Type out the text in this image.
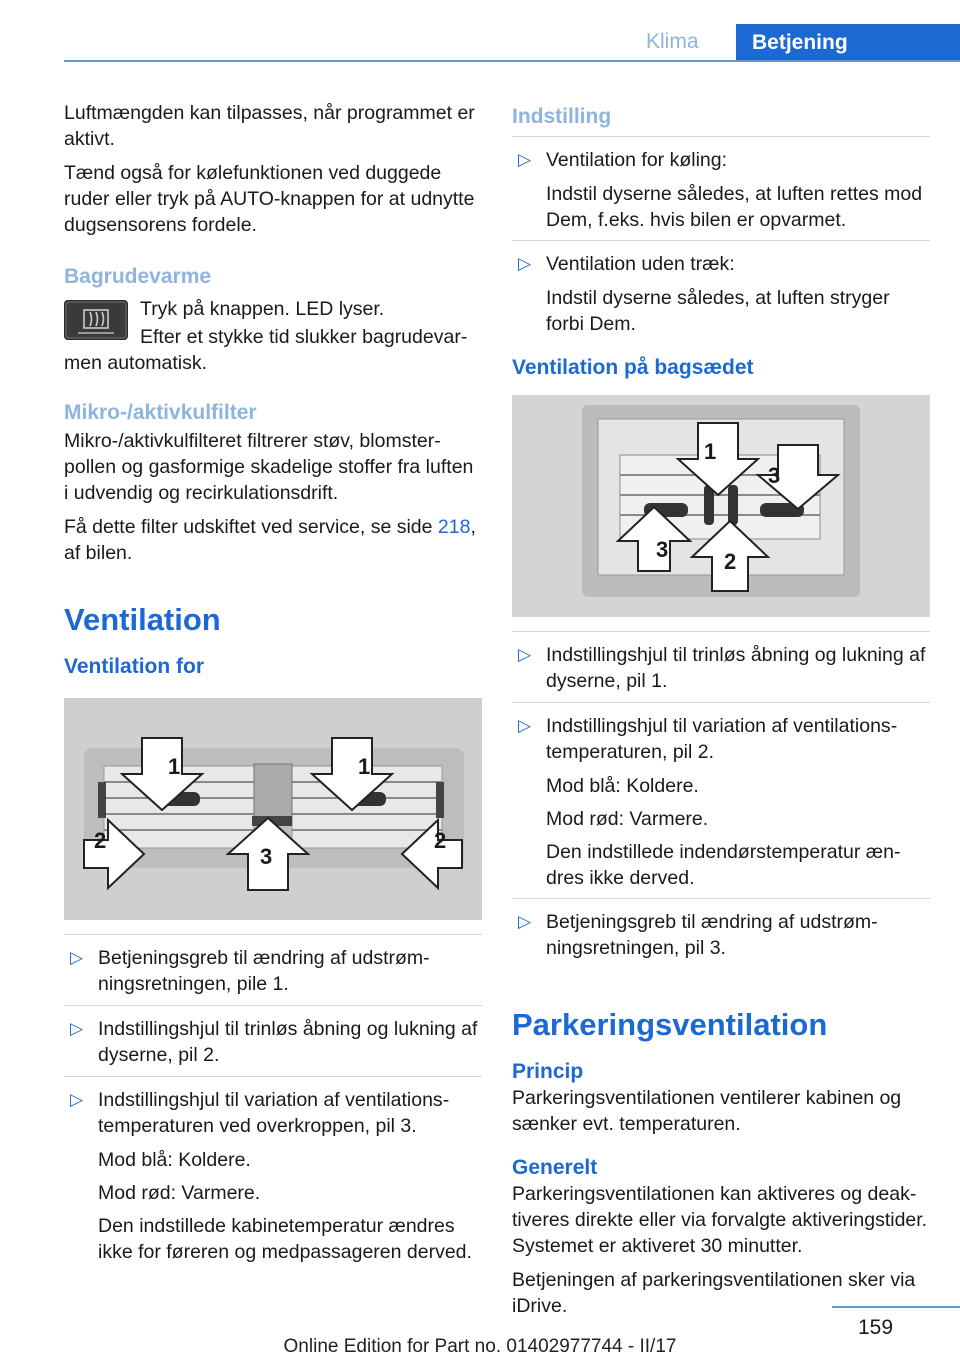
Klima	Betjening

Luftmængden kan tilpasses, når programmet er aktivt.

Tænd også for kølefunktionen ved duggede ruder eller tryk på AUTO-knappen for at udnytte dugsensorens fordele.

Bagrudevarme

Tryk på knappen. LED lyser.

Efter et stykke tid slukker bagrudevarmen automatisk.

Mikro-/aktivkulfilter

Mikro-/aktivkulfilteret filtrerer støv, blomsterpollen og gasformige skadelige stoffer fra luften i udvendig og recirkulationsdrift.

Få dette filter udskiftet ved service, se side 218, af bilen.

Ventilation
Ventilation for
1	1
2	2
3
▷ Betjeningsgreb til ændring af udstrømningsretningen, pile 1.
▷ Indstillingshjul til trinløs åbning og lukning af dyserne, pil 2.
▷ Indstillingshjul til variation af ventilationstemperaturen ved overkroppen, pil 3.
Mod blå: Koldere.
Mod rød: Varmere.
Den indstillede kabinetemperatur ændres ikke for føreren og medpassageren derved.
Indstilling
▷ Ventilation for køling:
Indstil dyserne således, at luften rettes mod Dem, f.eks. hvis bilen er opvarmet.
▷ Ventilation uden træk:
Indstil dyserne således, at luften stryger forbi Dem.
Ventilation på bagsædet
1
2
3
3
▷ Indstillingshjul til trinløs åbning og lukning af dyserne, pil 1.
▷ Indstillingshjul til variation af ventilationstemperaturen, pil 2.
Mod blå: Koldere.
Mod rød: Varmere.
Den indstillede indendørstemperatur ændres ikke derved.
▷ Betjeningsgreb til ændring af udstrømningsretningen, pil 3.
Parkeringsventilation
Princip

Parkeringsventilationen ventilerer kabinen og sænker evt. temperaturen.

Generelt

Parkeringsventilationen kan aktiveres og deaktiveres direkte eller via forvalgte aktiveringstider. Systemet er aktiveret 30 minutter.

Betjeningen af parkeringsventilationen sker via iDrive.

159
Online Edition for Part no. 01402977744 - II/17
